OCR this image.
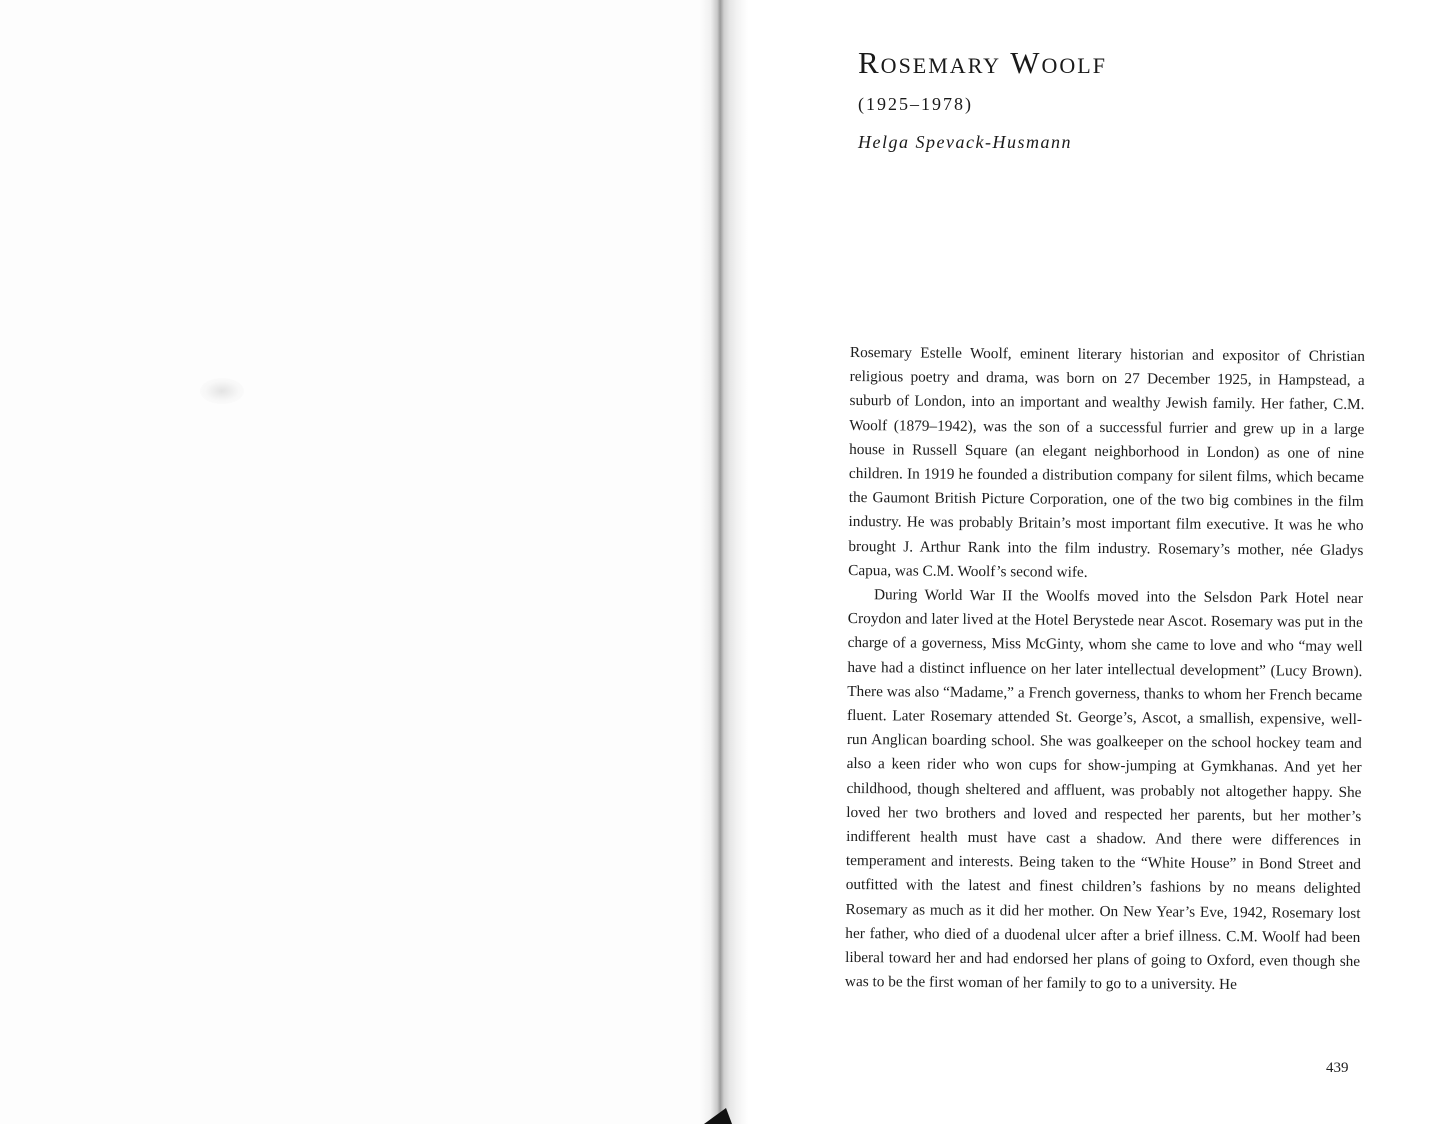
Rosemary Woolf
(1925–1978)
Helga Spevack-Husmann

Rosemary Estelle Woolf, eminent literary historian and expositor of Christian religious poetry and drama, was born on 27 December 1925, in Hampstead, a suburb of London, into an important and wealthy Jewish family. Her father, C.M. Woolf (1879–1942), was the son of a successful furrier and grew up in a large house in Russell Square (an elegant neighborhood in London) as one of nine children. In 1919 he founded a distribution company for silent films, which became the Gaumont British Picture Corporation, one of the two big combines in the film industry. He was probably Britain’s most important film executive. It was he who brought J. Arthur Rank into the film industry. Rosemary’s mother, née Gladys Capua, was C.M. Woolf’s second wife.

During World War II the Woolfs moved into the Selsdon Park Hotel near Croydon and later lived at the Hotel Berystede near Ascot. Rosemary was put in the charge of a governess, Miss McGinty, whom she came to love and who “may well have had a distinct influence on her later intellectual development” (Lucy Brown). There was also “Madame,” a French governess, thanks to whom her French became fluent. Later Rosemary attended St. George’s, Ascot, a smallish, expensive, well-run Anglican boarding school. She was goalkeeper on the school hockey team and also a keen rider who won cups for show-jumping at Gymkhanas. And yet her childhood, though sheltered and affluent, was probably not altogether happy. She loved her two brothers and loved and respected her parents, but her mother’s indifferent health must have cast a shadow. And there were differences in temperament and interests. Being taken to the “White House” in Bond Street and outfitted with the latest and finest children’s fashions by no means delighted Rosemary as much as it did her mother. On New Year’s Eve, 1942, Rosemary lost her father, who died of a duodenal ulcer after a brief illness. C.M. Woolf had been liberal toward her and had endorsed her plans of going to Oxford, even though she was to be the first woman of her family to go to a university. He

439
